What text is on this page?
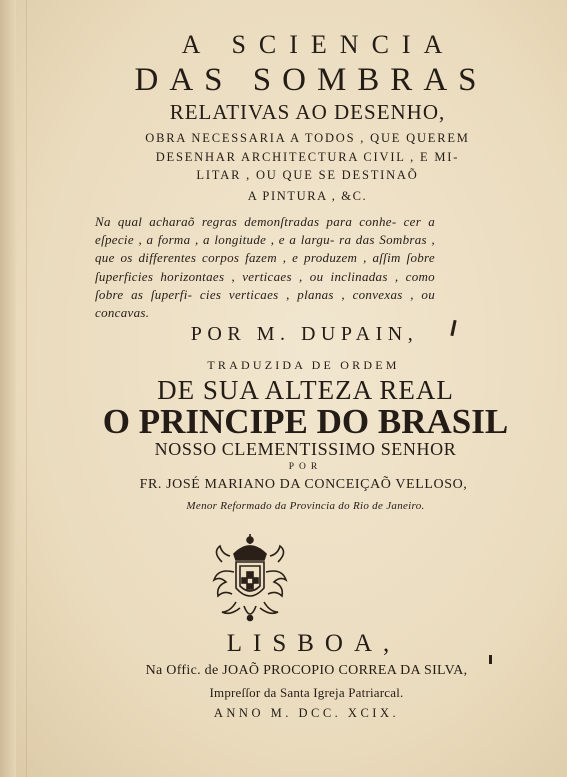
A SCIENCIA
DAS SOMBRAS
RELATIVAS AO DESENHO,
OBRA NECESSARIA A TODOS , QUE QUEREM
DESENHAR ARCHITECTURA CIVIL , E MI-
LITAR , OU QUE SE DESTINAÕ
A PINTURA , &C.
Na qual acharaõ regras demonſtradas para conhe- cer a eſpecie , a forma , a longitude , e a largu- ra das Sombras , que os differentes corpos fazem , e produzem , aſſim ſobre ſuperficies horizontaes , verticaes , ou inclinadas , como ſobre as ſuperfi- cies verticaes , planas , convexas , ou concavas.
POR M. DUPAIN,
TRADUZIDA DE ORDEM
DE SUA ALTEZA REAL
O PRINCIPE DO BRASIL
NOSSO CLEMENTISSIMO SENHOR
POR
FR. JOSÉ MARIANO DA CONCEIÇAÕ VELLOSO,
Menor Reformado da Provincia do Rio de Janeiro.
LISBOA,
Na Offic. de JOAÕ PROCOPIO CORREA DA SILVA,
Impreſſor da Santa Igreja Patriarcal.
ANNO M. DCC. XCIX.
